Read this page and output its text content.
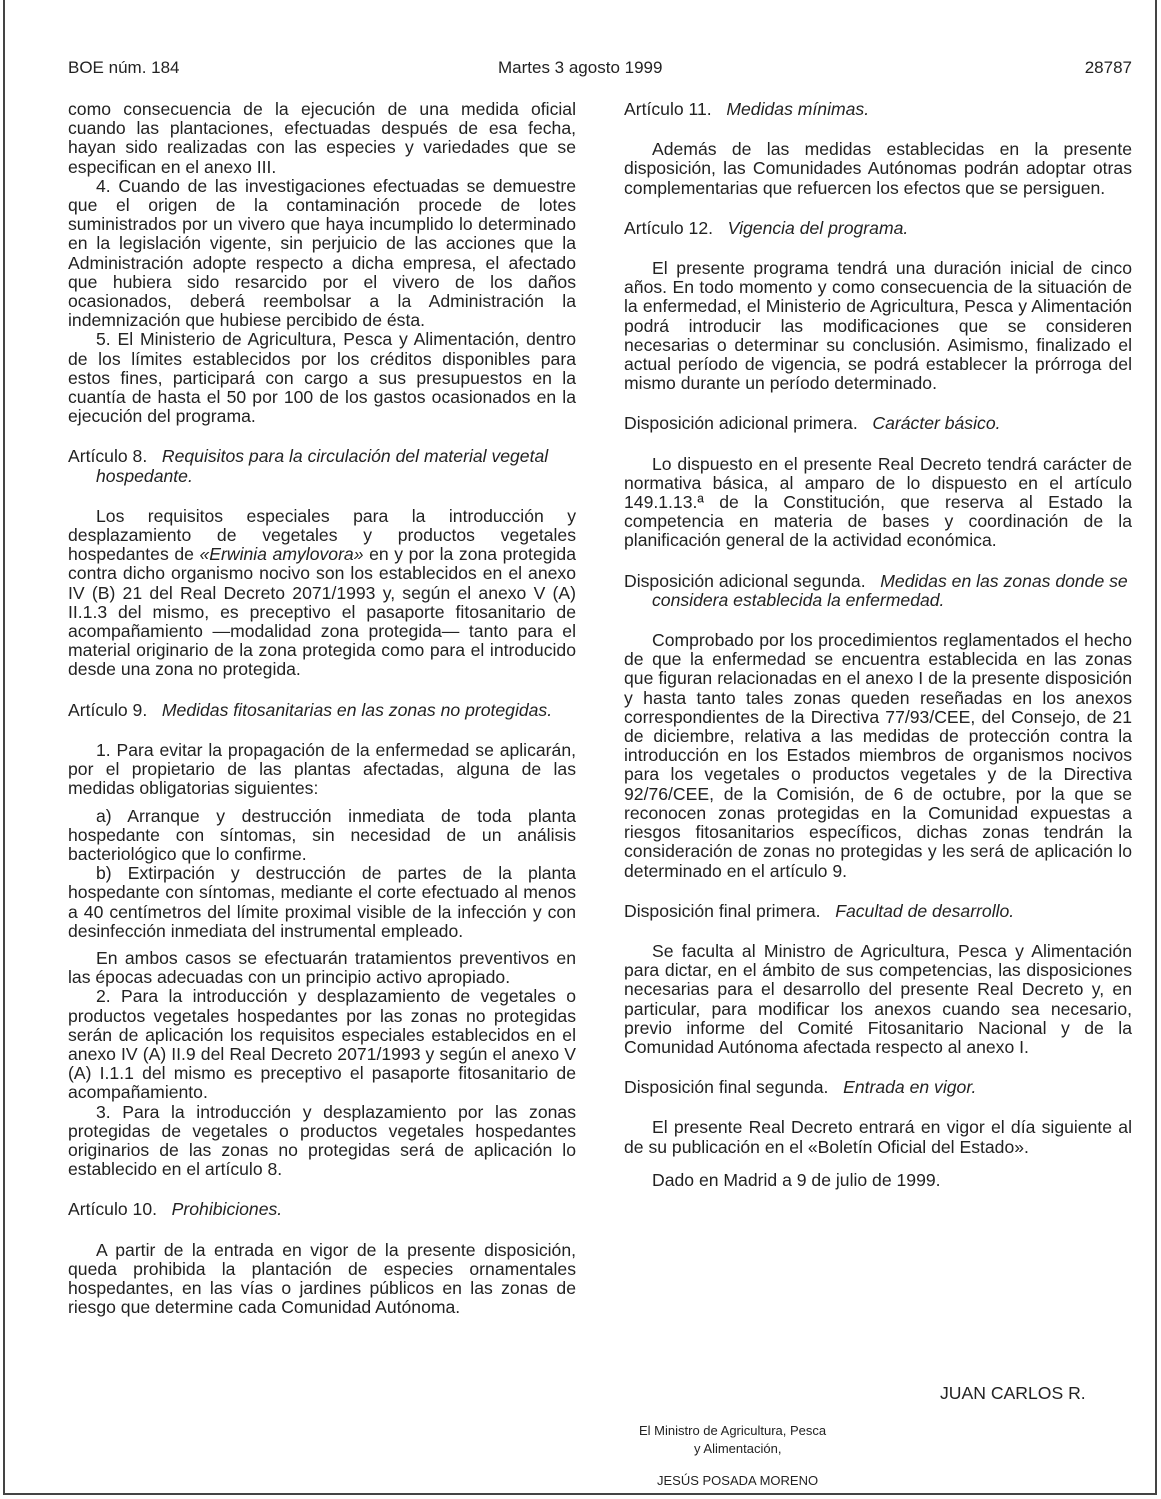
BOE núm. 184	Martes 3 agosto 1999	28787

como consecuencia de la ejecución de una medida oficial cuando las plantaciones, efectuadas después de esa fecha, hayan sido realizadas con las especies y variedades que se especifican en el anexo III.

4. Cuando de las investigaciones efectuadas se demuestre que el origen de la contaminación procede de lotes suministrados por un vivero que haya incumplido lo determinado en la legislación vigente, sin perjuicio de las acciones que la Administración adopte respecto a dicha empresa, el afectado que hubiera sido resarcido por el vivero de los daños ocasionados, deberá reembolsar a la Administración la indemnización que hubiese percibido de ésta.

5. El Ministerio de Agricultura, Pesca y Alimentación, dentro de los límites establecidos por los créditos disponibles para estos fines, participará con cargo a sus presupuestos en la cuantía de hasta el 50 por 100 de los gastos ocasionados en la ejecución del programa.

Artículo 8. Requisitos para la circulación del material vegetal hospedante.

Los requisitos especiales para la introducción y desplazamiento de vegetales y productos vegetales hospedantes de «Erwinia amylovora» en y por la zona protegida contra dicho organismo nocivo son los establecidos en el anexo IV (B) 21 del Real Decreto 2071/1993 y, según el anexo V (A) II.1.3 del mismo, es preceptivo el pasaporte fitosanitario de acompañamiento —modalidad zona protegida— tanto para el material originario de la zona protegida como para el introducido desde una zona no protegida.

Artículo 9. Medidas fitosanitarias en las zonas no protegidas.

1. Para evitar la propagación de la enfermedad se aplicarán, por el propietario de las plantas afectadas, alguna de las medidas obligatorias siguientes:

a) Arranque y destrucción inmediata de toda planta hospedante con síntomas, sin necesidad de un análisis bacteriológico que lo confirme.

b) Extirpación y destrucción de partes de la planta hospedante con síntomas, mediante el corte efectuado al menos a 40 centímetros del límite proximal visible de la infección y con desinfección inmediata del instrumental empleado.

En ambos casos se efectuarán tratamientos preventivos en las épocas adecuadas con un principio activo apropiado.

2. Para la introducción y desplazamiento de vegetales o productos vegetales hospedantes por las zonas no protegidas serán de aplicación los requisitos especiales establecidos en el anexo IV (A) II.9 del Real Decreto 2071/1993 y según el anexo V (A) I.1.1 del mismo es preceptivo el pasaporte fitosanitario de acompañamiento.

3. Para la introducción y desplazamiento por las zonas protegidas de vegetales o productos vegetales hospedantes originarios de las zonas no protegidas será de aplicación lo establecido en el artículo 8.

Artículo 10. Prohibiciones.

A partir de la entrada en vigor de la presente disposición, queda prohibida la plantación de especies ornamentales hospedantes, en las vías o jardines públicos en las zonas de riesgo que determine cada Comunidad Autónoma.

Artículo 11. Medidas mínimas.

Además de las medidas establecidas en la presente disposición, las Comunidades Autónomas podrán adoptar otras complementarias que refuercen los efectos que se persiguen.

Artículo 12. Vigencia del programa.

El presente programa tendrá una duración inicial de cinco años. En todo momento y como consecuencia de la situación de la enfermedad, el Ministerio de Agricultura, Pesca y Alimentación podrá introducir las modificaciones que se consideren necesarias o determinar su conclusión. Asimismo, finalizado el actual período de vigencia, se podrá establecer la prórroga del mismo durante un período determinado.

Disposición adicional primera. Carácter básico.

Lo dispuesto en el presente Real Decreto tendrá carácter de normativa básica, al amparo de lo dispuesto en el artículo 149.1.13.ª de la Constitución, que reserva al Estado la competencia en materia de bases y coordinación de la planificación general de la actividad económica.

Disposición adicional segunda. Medidas en las zonas donde se considera establecida la enfermedad.

Comprobado por los procedimientos reglamentados el hecho de que la enfermedad se encuentra establecida en las zonas que figuran relacionadas en el anexo I de la presente disposición y hasta tanto tales zonas queden reseñadas en los anexos correspondientes de la Directiva 77/93/CEE, del Consejo, de 21 de diciembre, relativa a las medidas de protección contra la introducción en los Estados miembros de organismos nocivos para los vegetales o productos vegetales y de la Directiva 92/76/CEE, de la Comisión, de 6 de octubre, por la que se reconocen zonas protegidas en la Comunidad expuestas a riesgos fitosanitarios específicos, dichas zonas tendrán la consideración de zonas no protegidas y les será de aplicación lo determinado en el artículo 9.

Disposición final primera. Facultad de desarrollo.

Se faculta al Ministro de Agricultura, Pesca y Alimentación para dictar, en el ámbito de sus competencias, las disposiciones necesarias para el desarrollo del presente Real Decreto y, en particular, para modificar los anexos cuando sea necesario, previo informe del Comité Fitosanitario Nacional y de la Comunidad Autónoma afectada respecto al anexo I.

Disposición final segunda. Entrada en vigor.

El presente Real Decreto entrará en vigor el día siguiente al de su publicación en el «Boletín Oficial del Estado».

Dado en Madrid a 9 de julio de 1999.

JUAN CARLOS R.
El Ministro de Agricultura, Pesca
y Alimentación,
JESÚS POSADA MORENO
